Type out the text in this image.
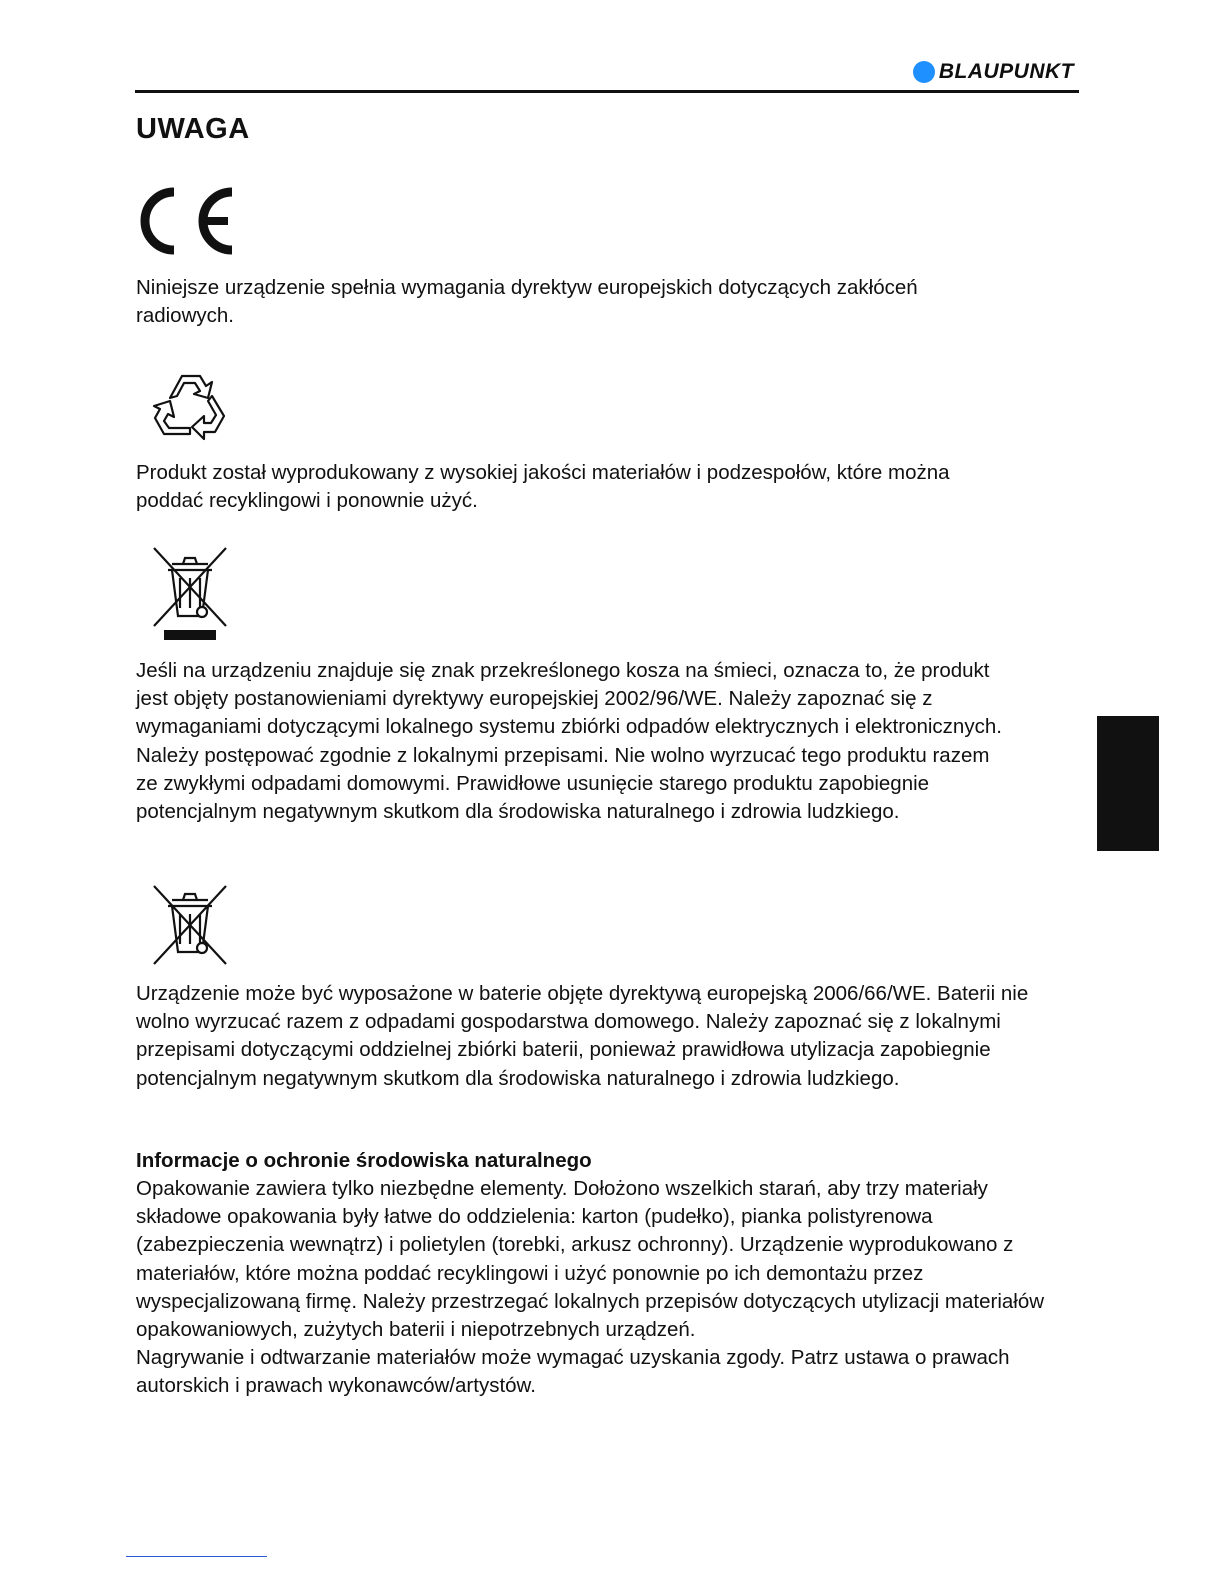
BLAUPUNKT
UWAGA

Niniejsze urządzenie spełnia wymagania dyrektyw europejskich dotyczących zakłóceń radiowych.

Produkt został wyprodukowany z wysokiej jakości materiałów i podzespołów, które można poddać recyklingowi i ponownie użyć.

Jeśli na urządzeniu znajduje się znak przekreślonego kosza na śmieci, oznacza to, że produkt jest objęty postanowieniami dyrektywy europejskiej 2002/96/WE. Należy zapoznać się z wymaganiami dotyczącymi lokalnego systemu zbiórki odpadów elektrycznych i elektronicznych. Należy postępować zgodnie z lokalnymi przepisami. Nie wolno wyrzucać tego produktu razem ze zwykłymi odpadami domowymi. Prawidłowe usunięcie starego produktu zapobiegnie potencjalnym negatywnym skutkom dla środowiska naturalnego i zdrowia ludzkiego.

Urządzenie może być wyposażone w baterie objęte dyrektywą europejską 2006/66/WE. Baterii nie wolno wyrzucać razem z odpadami gospodarstwa domowego. Należy zapoznać się z lokalnymi przepisami dotyczącymi oddzielnej zbiórki baterii, ponieważ prawidłowa utylizacja zapobiegnie potencjalnym negatywnym skutkom dla środowiska naturalnego i zdrowia ludzkiego.

Informacje o ochronie środowiska naturalnego

Opakowanie zawiera tylko niezbędne elementy. Dołożono wszelkich starań, aby trzy materiały składowe opakowania były łatwe do oddzielenia: karton (pudełko), pianka polistyrenowa (zabezpieczenia wewnątrz) i polietylen (torebki, arkusz ochronny). Urządzenie wyprodukowano z materiałów, które można poddać recyklingowi i użyć ponownie po ich demontażu przez wyspecjalizowaną firmę. Należy przestrzegać lokalnych przepisów dotyczących utylizacji materiałów opakowaniowych, zużytych baterii i niepotrzebnych urządzeń.

Nagrywanie i odtwarzanie materiałów może wymagać uzyskania zgody. Patrz ustawa o prawach autorskich i prawach wykonawców/artystów.
